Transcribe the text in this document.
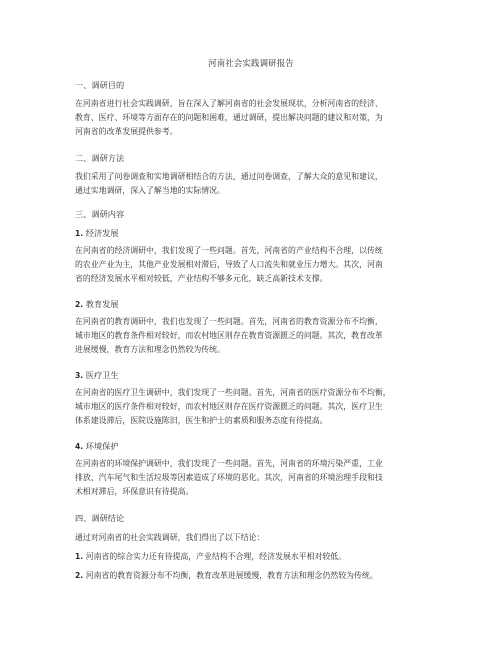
河南社会实践调研报告
一、调研目的
在河南省进行社会实践调研，旨在深入了解河南省的社会发展现状，分析河南省的经济、
教育、医疗、环境等方面存在的问题和困难，通过调研，提出解决问题的建议和对策，为
河南省的改革发展提供参考。
二、调研方法
我们采用了问卷调查和实地调研相结合的方法，通过问卷调查，了解大众的意见和建议，
通过实地调研，深入了解当地的实际情况。
三、调研内容
1. 经济发展
在河南省的经济调研中，我们发现了一些问题。首先，河南省的产业结构不合理，以传统
的农业产业为主，其他产业发展相对滞后，导致了人口流失和就业压力增大。其次，河南
省的经济发展水平相对较低，产业结构不够多元化，缺乏高新技术支撑。
2. 教育发展
在河南省的教育调研中，我们也发现了一些问题。首先，河南省的教育资源分布不均衡，
城市地区的教育条件相对较好，而农村地区则存在教育资源匮乏的问题。其次，教育改革
进展缓慢，教育方法和理念仍然较为传统。
3. 医疗卫生
在河南省的医疗卫生调研中，我们发现了一些问题。首先，河南省的医疗资源分布不均衡，
城市地区的医疗条件相对较好，而农村地区则存在医疗资源匮乏的问题。其次，医疗卫生
体系建设滞后，医院设施陈旧，医生和护士的素质和服务态度有待提高。
4. 环境保护
在河南省的环境保护调研中，我们发现了一些问题。首先，河南省的环境污染严重，工业
排放、汽车尾气和生活垃圾等因素造成了环境的恶化。其次，河南省的环境治理手段和技
术相对滞后，环保意识有待提高。
四、调研结论
通过对河南省的社会实践调研，我们得出了以下结论：
1. 河南省的综合实力还有待提高，产业结构不合理，经济发展水平相对较低。
2. 河南省的教育资源分布不均衡，教育改革进展缓慢，教育方法和理念仍然较为传统。
